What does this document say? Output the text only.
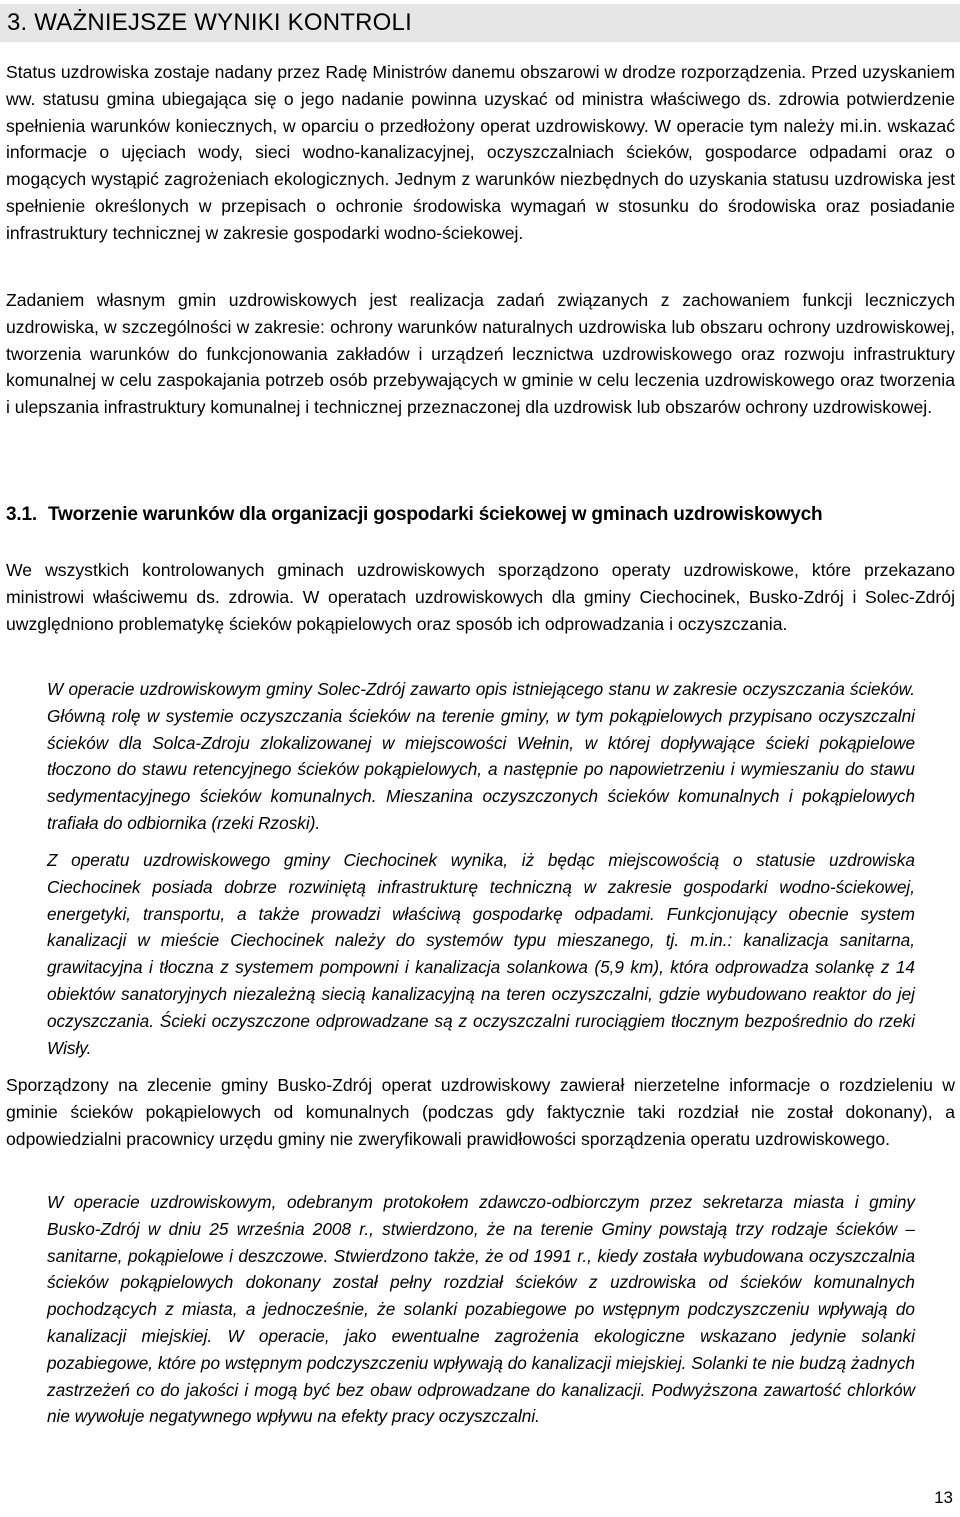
3. WAŻNIEJSZE WYNIKI KONTROLI

Status uzdrowiska zostaje nadany przez Radę Ministrów danemu obszarowi w drodze rozporządzenia. Przed uzyskaniem ww. statusu gmina ubiegająca się o jego nadanie powinna uzyskać od ministra właściwego ds. zdrowia potwierdzenie spełnienia warunków koniecznych, w oparciu o przedłożony operat uzdrowiskowy. W operacie tym należy mi.in. wskazać informacje o ujęciach wody, sieci wodno-kanalizacyjnej, oczyszczalniach ścieków, gospodarce odpadami oraz o mogących wystąpić zagrożeniach ekologicznych. Jednym z warunków niezbędnych do uzyskania statusu uzdrowiska jest spełnienie określonych w przepisach o ochronie środowiska wymagań w stosunku do środowiska oraz posiadanie infrastruktury technicznej w zakresie gospodarki wodno-ściekowej.

Zadaniem własnym gmin uzdrowiskowych jest realizacja zadań związanych z zachowaniem funkcji leczniczych uzdrowiska, w szczególności w zakresie: ochrony warunków naturalnych uzdrowiska lub obszaru ochrony uzdrowiskowej, tworzenia warunków do funkcjonowania zakładów i urządzeń lecznictwa uzdrowiskowego oraz rozwoju infrastruktury komunalnej w celu zaspokajania potrzeb osób przebywających w gminie w celu leczenia uzdrowiskowego oraz tworzenia i ulepszania infrastruktury komunalnej i technicznej przeznaczonej dla uzdrowisk lub obszarów ochrony uzdrowiskowej.

3.1. Tworzenie warunków dla organizacji gospodarki ściekowej w gminach uzdrowiskowych

We wszystkich kontrolowanych gminach uzdrowiskowych sporządzono operaty uzdrowiskowe, które przekazano ministrowi właściwemu ds. zdrowia. W operatach uzdrowiskowych dla gminy Ciechocinek, Busko-Zdrój i Solec-Zdrój uwzględniono problematykę ścieków pokąpielowych oraz sposób ich odprowadzania i oczyszczania.

W operacie uzdrowiskowym gminy Solec-Zdrój zawarto opis istniejącego stanu w zakresie oczyszczania ścieków. Główną rolę w systemie oczyszczania ścieków na terenie gminy, w tym pokąpielowych przypisano oczyszczalni ścieków dla Solca-Zdroju zlokalizowanej w miejscowości Wełnin, w której dopływające ścieki pokąpielowe tłoczono do stawu retencyjnego ścieków pokąpielowych, a następnie po napowietrzeniu i wymieszaniu do stawu sedymentacyjnego ścieków komunalnych. Mieszanina oczyszczonych ścieków komunalnych i pokąpielowych trafiała do odbiornika (rzeki Rzoski).

Z operatu uzdrowiskowego gminy Ciechocinek wynika, iż będąc miejscowością o statusie uzdrowiska Ciechocinek posiada dobrze rozwiniętą infrastrukturę techniczną w zakresie gospodarki wodno-ściekowej, energetyki, transportu, a także prowadzi właściwą gospodarkę odpadami. Funkcjonujący obecnie system kanalizacji w mieście Ciechocinek należy do systemów typu mieszanego, tj. m.in.: kanalizacja sanitarna, grawitacyjna i tłoczna z systemem pompowni i kanalizacja solankowa (5,9 km), która odprowadza solankę z 14 obiektów sanatoryjnych niezależną siecią kanalizacyjną na teren oczyszczalni, gdzie wybudowano reaktor do jej oczyszczania. Ścieki oczyszczone odprowadzane są z oczyszczalni rurociągiem tłocznym bezpośrednio do rzeki Wisły.

Sporządzony na zlecenie gminy Busko-Zdrój operat uzdrowiskowy zawierał nierzetelne informacje o rozdzieleniu w gminie ścieków pokąpielowych od komunalnych (podczas gdy faktycznie taki rozdział nie został dokonany), a odpowiedzialni pracownicy urzędu gminy nie zweryfikowali prawidłowości sporządzenia operatu uzdrowiskowego.

W operacie uzdrowiskowym, odebranym protokołem zdawczo-odbiorczym przez sekretarza miasta i gminy Busko-Zdrój w dniu 25 września 2008 r., stwierdzono, że na terenie Gminy powstają trzy rodzaje ścieków – sanitarne, pokąpielowe i deszczowe. Stwierdzono także, że od 1991 r., kiedy została wybudowana oczyszczalnia ścieków pokąpielowych dokonany został pełny rozdział ścieków z uzdrowiska od ścieków komunalnych pochodzących z miasta, a jednocześnie, że solanki pozabiegowe po wstępnym podczyszczeniu wpływają do kanalizacji miejskiej. W operacie, jako ewentualne zagrożenia ekologiczne wskazano jedynie solanki pozabiegowe, które po wstępnym podczyszczeniu wpływają do kanalizacji miejskiej. Solanki te nie budzą żadnych zastrzeżeń co do jakości i mogą być bez obaw odprowadzane do kanalizacji. Podwyższona zawartość chlorków nie wywołuje negatywnego wpływu na efekty pracy oczyszczalni.

13
